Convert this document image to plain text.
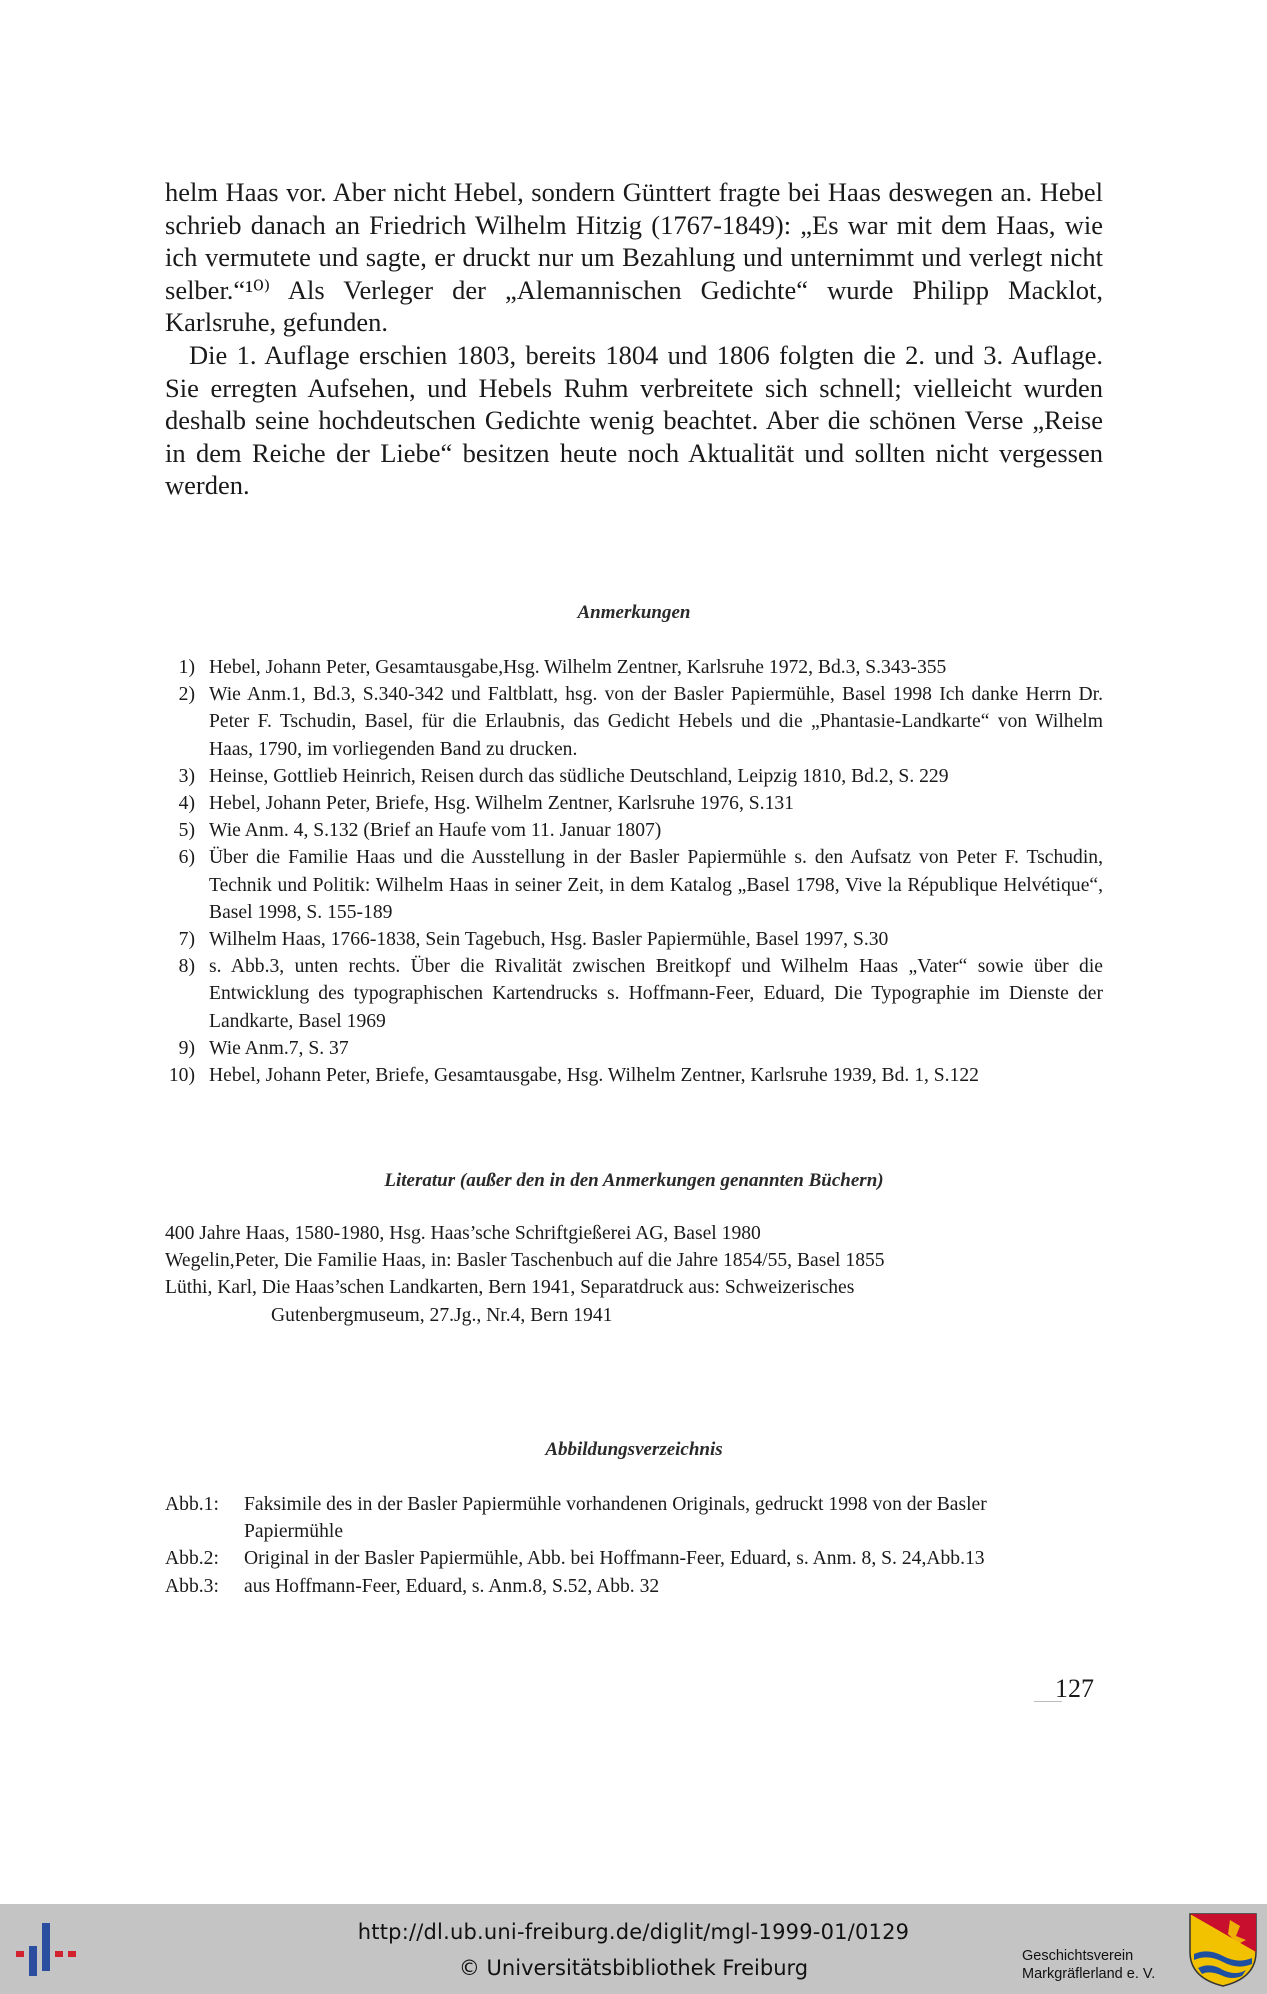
helm Haas vor. Aber nicht Hebel, sondern Günttert fragte bei Haas deswegen an. Hebel schrieb danach an Friedrich Wilhelm Hitzig (1767-1849): „Es war mit dem Haas, wie ich vermutete und sagte, er druckt nur um Bezahlung und unternimmt und verlegt nicht selber.“¹⁰⁾ Als Verleger der „Alemannischen Gedichte“ wurde Philipp Macklot, Karlsruhe, gefunden.

Die 1. Auflage erschien 1803, bereits 1804 und 1806 folgten die 2. und 3. Auflage. Sie erregten Aufsehen, und Hebels Ruhm verbreitete sich schnell; vielleicht wurden deshalb seine hochdeutschen Gedichte wenig beachtet. Aber die schönen Verse „Reise in dem Reiche der Liebe“ besitzen heute noch Aktualität und sollten nicht vergessen werden.

Anmerkungen
1) Hebel, Johann Peter, Gesamtausgabe,Hsg. Wilhelm Zentner, Karlsruhe 1972, Bd.3, S.343-355
2) Wie Anm.1, Bd.3, S.340-342 und Faltblatt, hsg. von der Basler Papiermühle, Basel 1998 Ich danke Herrn Dr. Peter F. Tschudin, Basel, für die Erlaubnis, das Gedicht Hebels und die „Phantasie-Landkarte“ von Wilhelm Haas, 1790, im vorliegenden Band zu drucken.
3) Heinse, Gottlieb Heinrich, Reisen durch das südliche Deutschland, Leipzig 1810, Bd.2, S. 229
4) Hebel, Johann Peter, Briefe, Hsg. Wilhelm Zentner, Karlsruhe 1976, S.131
5) Wie Anm. 4, S.132 (Brief an Haufe vom 11. Januar 1807)
6) Über die Familie Haas und die Ausstellung in der Basler Papiermühle s. den Aufsatz von Peter F. Tschudin, Technik und Politik: Wilhelm Haas in seiner Zeit, in dem Katalog „Basel 1798, Vive la République Helvétique“, Basel 1998, S. 155-189
7) Wilhelm Haas, 1766-1838, Sein Tagebuch, Hsg. Basler Papiermühle, Basel 1997, S.30
8) s. Abb.3, unten rechts. Über die Rivalität zwischen Breitkopf und Wilhelm Haas „Vater“ sowie über die Entwicklung des typographischen Kartendrucks s. Hoffmann-Feer, Eduard, Die Typographie im Dienste der Landkarte, Basel 1969
9) Wie Anm.7, S. 37
10) Hebel, Johann Peter, Briefe, Gesamtausgabe, Hsg. Wilhelm Zentner, Karlsruhe 1939, Bd. 1, S.122
Literatur (außer den in den Anmerkungen genannten Büchern)

400 Jahre Haas, 1580-1980, Hsg. Haas’sche Schriftgießerei AG, Basel 1980

Wegelin,Peter, Die Familie Haas, in: Basler Taschenbuch auf die Jahre 1854/55, Basel 1855

Lüthi, Karl, Die Haas’schen Landkarten, Bern 1941, Separatdruck aus: Schweizerisches

Gutenbergmuseum, 27.Jg., Nr.4, Bern 1941

Abbildungsverzeichnis
Abb.1:	Faksimile des in der Basler Papiermühle vorhandenen Originals, gedruckt 1998 von der Basler Papiermühle
Abb.2:	Original in der Basler Papiermühle, Abb. bei Hoffmann-Feer, Eduard, s. Anm. 8, S. 24,Abb.13
Abb.3:	aus Hoffmann-Feer, Eduard, s. Anm.8, S.52, Abb. 32
127
http://dl.ub.uni-freiburg.de/diglit/mgl-1999-01/0129
© Universitätsbibliothek Freiburg	Geschichtsverein
Markgräflerland e. V.
